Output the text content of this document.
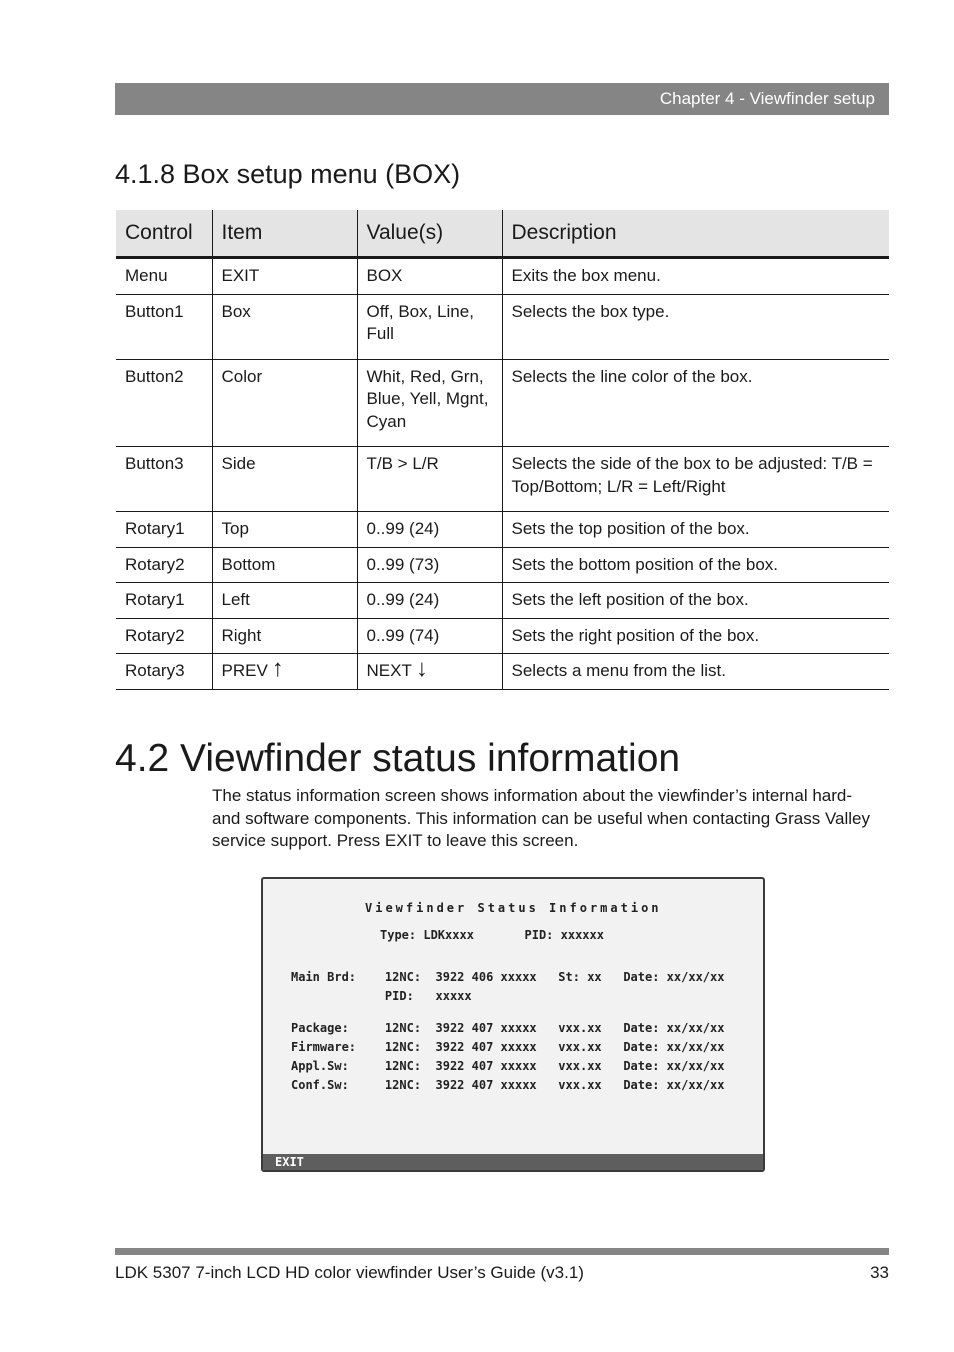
Chapter 4 - Viewfinder setup
4.1.8 Box setup menu (BOX)
Control	Item	Value(s)	Description
Menu	EXIT	BOX	Exits the box menu.
Button1	Box	Off, Box, Line, Full	Selects the box type.
Button2	Color	Whit, Red, Grn, Blue, Yell, Mgnt, Cyan	Selects the line color of the box.
Button3	Side	T/B > L/R	Selects the side of the box to be adjusted: T/B = Top/Bottom; L/R = Left/Right
Rotary1	Top	0..99 (24)	Sets the top position of the box.
Rotary2	Bottom	0..99 (73)	Sets the bottom position of the box.
Rotary1	Left	0..99 (24)	Sets the left position of the box.
Rotary2	Right	0..99 (74)	Sets the right position of the box.
Rotary3	PREV ↑	NEXT ↓	Selects a menu from the list.
4.2 Viewfinder status information

The status information screen shows information about the viewfinder’s internal hard- and software components. This information can be useful when contacting Grass Valley service support. Press EXIT to leave this screen.

Viewfinder Status Information
Type: LDKxxxx       PID: xxxxxx
Main Brd:    12NC:  3922 406 xxxxx   St: xx   Date: xx/xx/xx
PID:   xxxxx
Package:     12NC:  3922 407 xxxxx   vxx.xx   Date: xx/xx/xx
Firmware:    12NC:  3922 407 xxxxx   vxx.xx   Date: xx/xx/xx
Appl.Sw:     12NC:  3922 407 xxxxx   vxx.xx   Date: xx/xx/xx
Conf.Sw:     12NC:  3922 407 xxxxx   vxx.xx   Date: xx/xx/xx
EXIT
LDK 5307 7-inch LCD HD color viewfinder User’s Guide (v3.1)	33
